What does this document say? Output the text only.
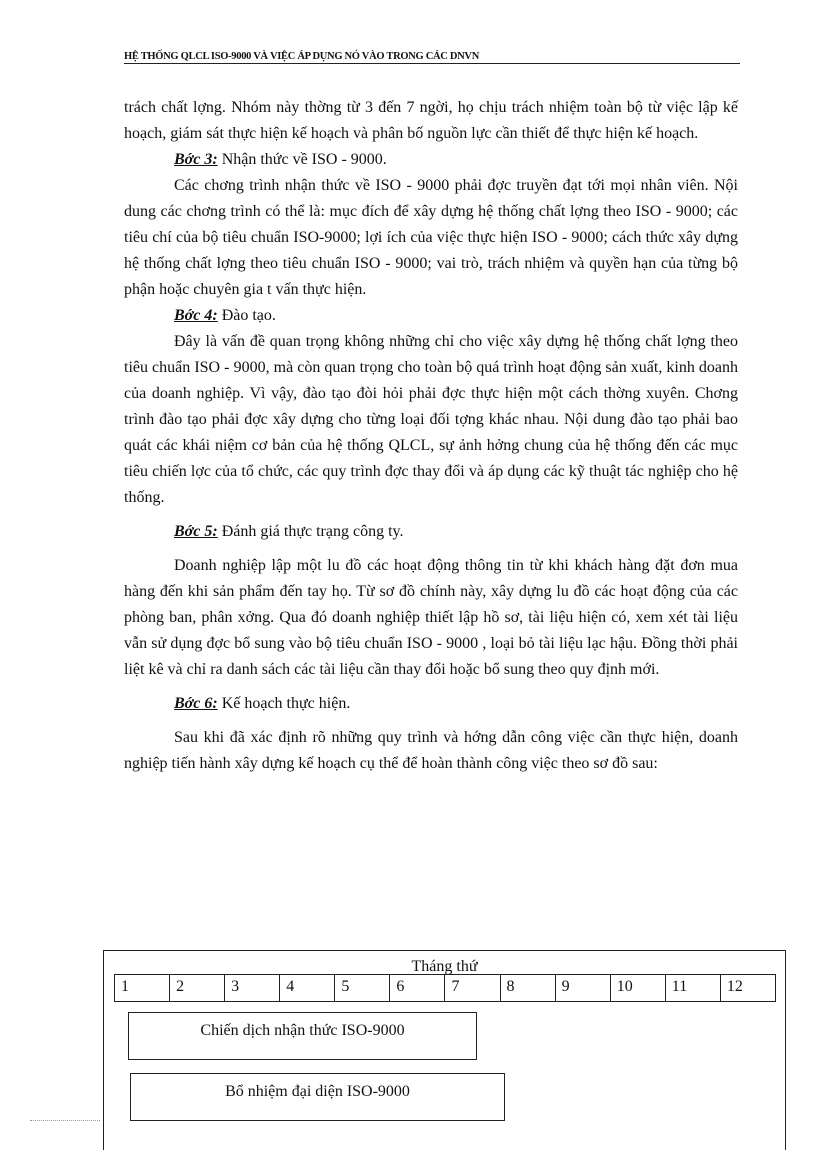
HỆ THỐNG QLCL ISO-9000 VÀ VIỆC ÁP DỤNG NÓ VÀO TRONG CÁC DNVN

trách chất lợng. Nhóm này thờng từ 3 đến 7 ngời, họ chịu trách nhiệm toàn bộ từ việc lập kế hoạch, giám sát thực hiện kế hoạch và phân bố nguồn lực cần thiết để thực hiện kế hoạch.

Bớc 3: Nhận thức về ISO - 9000.

Các chơng trình nhận thức về ISO - 9000 phải đợc truyền đạt tới mọi nhân viên. Nội dung các chơng trình có thể là: mục đích để xây dựng hệ thống chất lợng theo ISO - 9000; các tiêu chí của bộ tiêu chuẩn ISO-9000; lợi ích của việc thực hiện ISO - 9000; cách thức xây dựng hệ thống chất lợng theo tiêu chuẩn ISO - 9000; vai trò, trách nhiệm và quyền hạn của từng bộ phận hoặc chuyên gia t vấn thực hiện.

Bớc 4: Đào tạo.

Đây là vấn đề quan trọng không những chỉ cho việc xây dựng hệ thống chất lợng theo tiêu chuẩn ISO - 9000, mà còn quan trọng cho toàn bộ quá trình hoạt động sản xuất, kinh doanh của doanh nghiệp. Vì vậy, đào tạo đòi hỏi phải đợc thực hiện một cách thờng xuyên. Chơng trình đào tạo phải đợc xây dựng cho từng loại đối tợng khác nhau. Nội dung đào tạo phải bao quát các khái niệm cơ bản của hệ thống QLCL, sự ảnh hởng chung của hệ thống đến các mục tiêu chiến lợc của tổ chức, các quy trình đợc thay đổi và áp dụng các kỹ thuật tác nghiệp cho hệ thống.

Bớc 5: Đánh giá thực trạng công ty.

Doanh nghiệp lập một lu đồ các hoạt động thông tin từ khi khách hàng đặt đơn mua hàng đến khi sản phẩm đến tay họ. Từ sơ đồ chính này, xây dựng lu đồ các hoạt động của các phòng ban, phân xởng. Qua đó doanh nghiệp thiết lập hồ sơ, tài liệu hiện có, xem xét tài liệu vẫn sử dụng đợc bổ sung vào bộ tiêu chuẩn ISO - 9000 , loại bỏ tài liệu lạc hậu. Đồng thời phải liệt kê và chỉ ra danh sách các tài liệu cần thay đổi hoặc bổ sung theo quy định mới.

Bớc 6: Kế hoạch thực hiện.

Sau khi đã xác định rõ những quy trình và hớng dẫn công việc cần thực hiện, doanh nghiệp tiến hành xây dựng kế hoạch cụ thể để hoàn thành công việc theo sơ đồ sau:

Tháng thứ
1	2	3	4	5	6	7	8	9	10	11	12
Chiến dịch nhận thức ISO-9000
Bổ nhiệm đại diện ISO-9000
